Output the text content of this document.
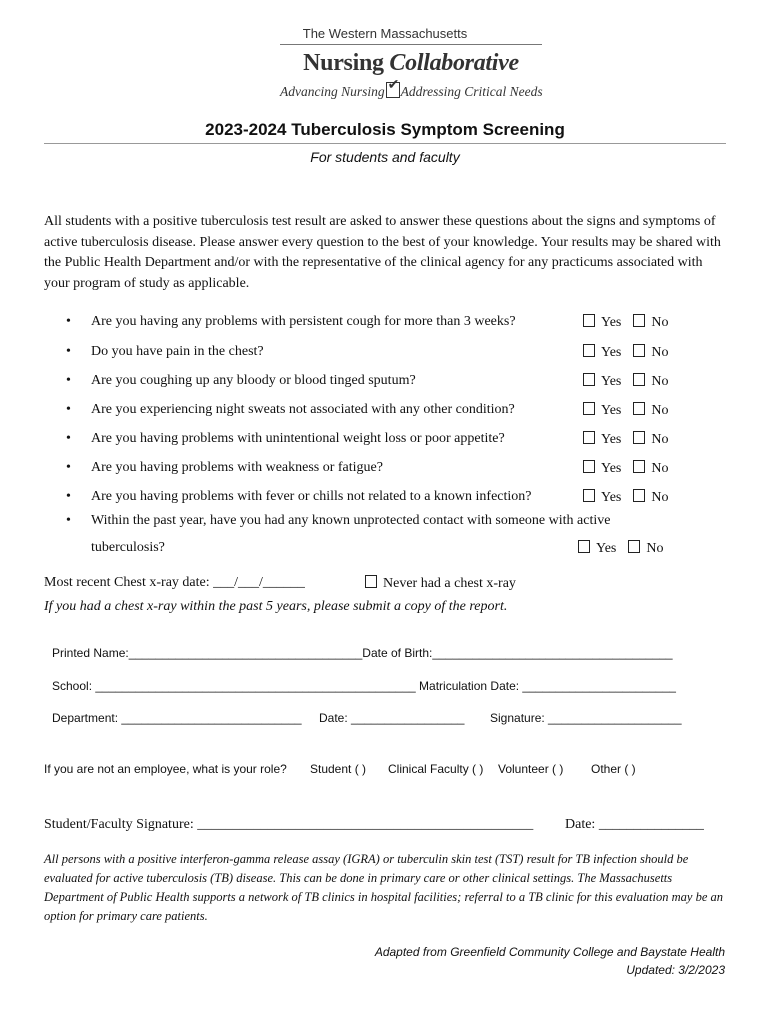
The Western Massachusetts
Nursing Collaborative
Advancing Nursing✔ Addressing Critical Needs
2023-2024 Tuberculosis Symptom Screening
For students and faculty
All students with a positive tuberculosis test result are asked to answer these questions about the signs and symptoms of active tuberculosis disease. Please answer every question to the best of your knowledge. Your results may be shared with the Public Health Department and/or with the representative of the clinical agency for any practicums associated with your program of study as applicable.
• Are you having any problems with persistent cough for more than 3 weeks?	Yes No
• Do you have pain in the chest?	Yes No
• Are you coughing up any bloody or blood tinged sputum?	Yes No
• Are you experiencing night sweats not associated with any other condition?	Yes No
• Are you having problems with unintentional weight loss or poor appetite?	Yes No
• Are you having problems with weakness or fatigue?	Yes No
• Are you having problems with fever or chills not related to a known infection?	Yes No
• Within the past year, have you had any known unprotected contact with someone with active
tuberculosis?	Yes No
Most recent Chest x-ray date: ___/___/______	Never had a chest x-ray
If you had a chest x-ray within the past 5 years, please submit a copy of the report.
Printed Name:___________________________________Date of Birth:____________________________________
School: ________________________________________________ Matriculation Date: _______________________
Department: ___________________________ Date: _________________ Signature: ____________________
If you are not an employee, what is your role? Student ( ) Clinical Faculty ( ) Volunteer ( ) Other ( )
Student/Faculty Signature: ________________________________________________ Date: _______________
All persons with a positive interferon-gamma release assay (IGRA) or tuberculin skin test (TST) result for TB infection should be evaluated for active tuberculosis (TB) disease. This can be done in primary care or other clinical settings. The Massachusetts Department of Public Health supports a network of TB clinics in hospital facilities; referral to a TB clinic for this evaluation may be an option for primary care patients.
Adapted from Greenfield Community College and Baystate Health
Updated: 3/2/2023
